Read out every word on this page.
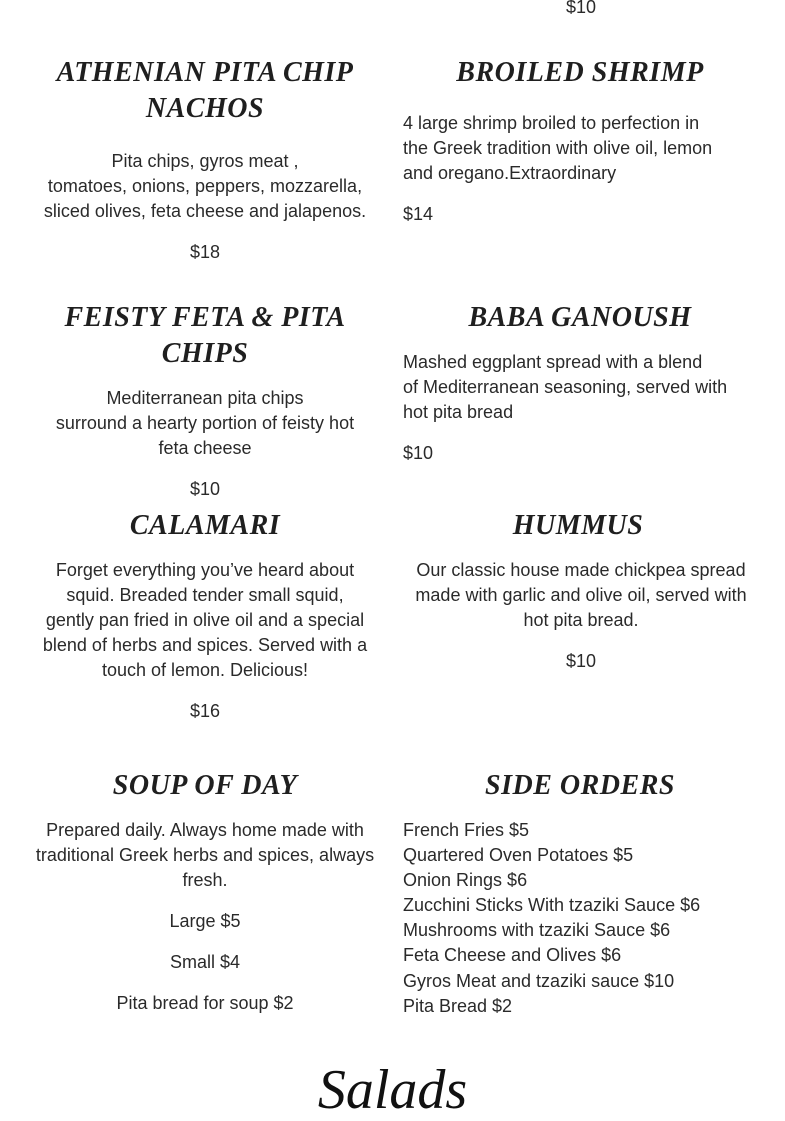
$10

ATHENIAN PITA CHIP NACHOS

Pita chips, gyros meat ,
tomatoes, onions, peppers, mozzarella,
sliced olives, feta cheese and jalapenos.

$18

BROILED SHRIMP

4 large shrimp broiled to perfection in
the Greek tradition with olive oil, lemon
and oregano.Extraordinary

$14

FEISTY FETA & PITA CHIPS

Mediterranean pita chips
surround a hearty portion of feisty hot
feta cheese

$10

BABA GANOUSH

Mashed eggplant spread with a blend
of Mediterranean seasoning, served with
hot pita bread

$10

CALAMARI

Forget everything you’ve heard about
squid. Breaded tender small squid,
gently pan fried in olive oil and a special
blend of herbs and spices. Served with a
touch of lemon. Delicious!

$16

HUMMUS

Our classic house made chickpea spread
made with garlic and olive oil, served with
hot pita bread.

$10

SOUP OF DAY

Prepared daily. Always home made with
traditional Greek herbs and spices, always
fresh.

Large $5

Small $4

Pita bread for soup $2

SIDE ORDERS
French Fries $5
Quartered Oven Potatoes $5
Onion Rings $6
Zucchini Sticks With tzaziki Sauce $6
Mushrooms with tzaziki Sauce $6
Feta Cheese and Olives $6
Gyros Meat and tzaziki sauce $10
Pita Bread $2
Salads
